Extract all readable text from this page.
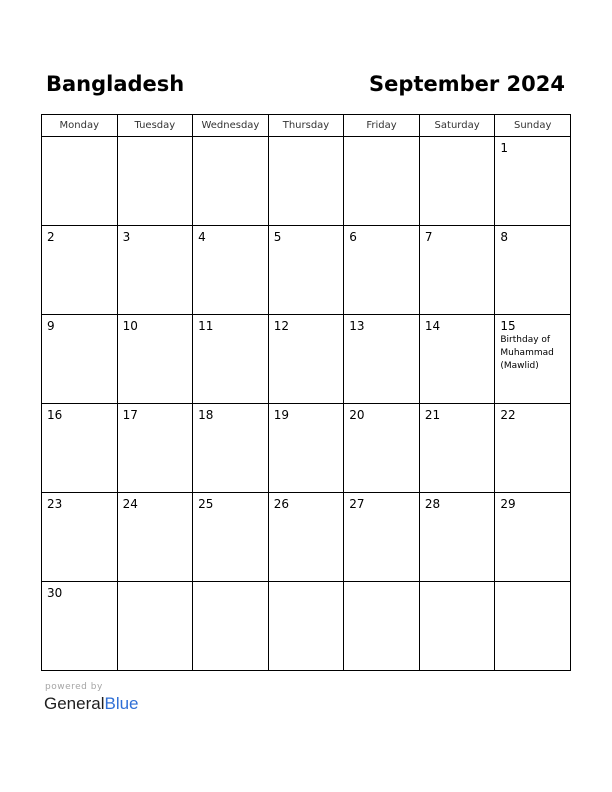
Bangladesh	September 2024
Monday	Tuesday	Wednesday	Thursday	Friday	Saturday	Sunday

						1

2	3	4	5	6	7	8

9	10	11	12	13	14	15
Birthday of Muhammad (Mawlid)

16	17	18	19	20	21	22

23	24	25	26	27	28	29

30						

powered by
GeneralBlue
